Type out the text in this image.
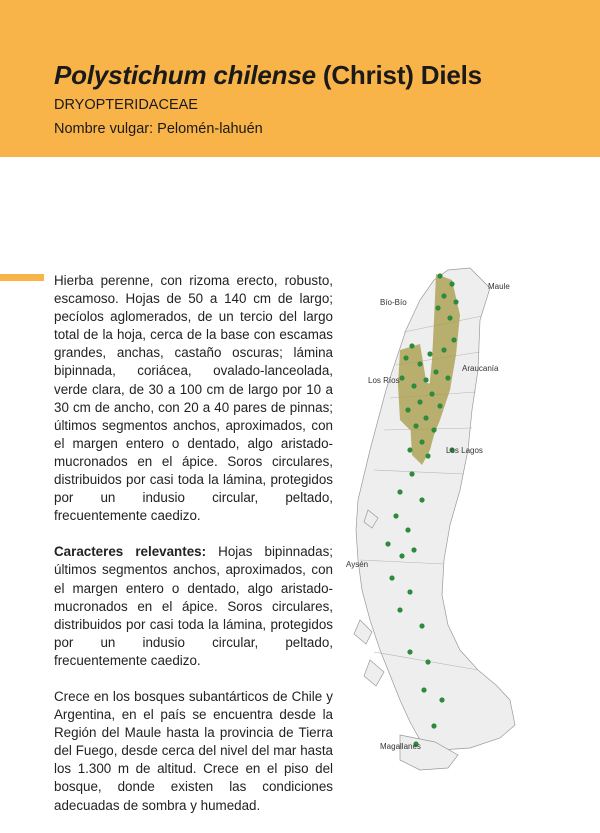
Polystichum chilense (Christ) Diels
DRYOPTERIDACEAE
Nombre vulgar: Pelomén-lahuén

Hierba perenne, con rizoma erecto, robusto, escamoso. Hojas de 50 a 140 cm de largo; pecíolos aglomerados, de un tercio del largo total de la hoja, cerca de la base con escamas grandes, anchas, castaño oscuras; lámina bipinnada, coriácea, ovalado-lanceolada, verde clara, de 30 a 100 cm de largo por 10 a 30 cm de ancho, con 20 a 40 pares de pinnas; últimos segmentos anchos, aproximados, con el margen entero o dentado, algo aristado-mucronados en el ápice. Soros circulares, distribuidos por casi toda la lámina, protegidos por un indusio circular, peltado, frecuentemente caedizo.

Caracteres relevantes: Hojas bipinnadas; últimos segmentos anchos, aproximados, con el margen entero o dentado, algo aristado-mucronados en el ápice. Soros circulares, distribuidos por casi toda la lámina, protegidos por un indusio circular, peltado, frecuentemente caedizo.

Crece en los bosques subantárticos de Chile y Argentina, en el país se encuentra desde la Región del Maule hasta la provincia de Tierra del Fuego, desde cerca del nivel del mar hasta los 1.300 m de altitud. Crece en el piso del bosque, donde existen las condiciones adecuadas de sombra y humedad.

Maule
Bío-Bío
Araucanía
Los Ríos
Los Lagos
Aysén
Magallanes
